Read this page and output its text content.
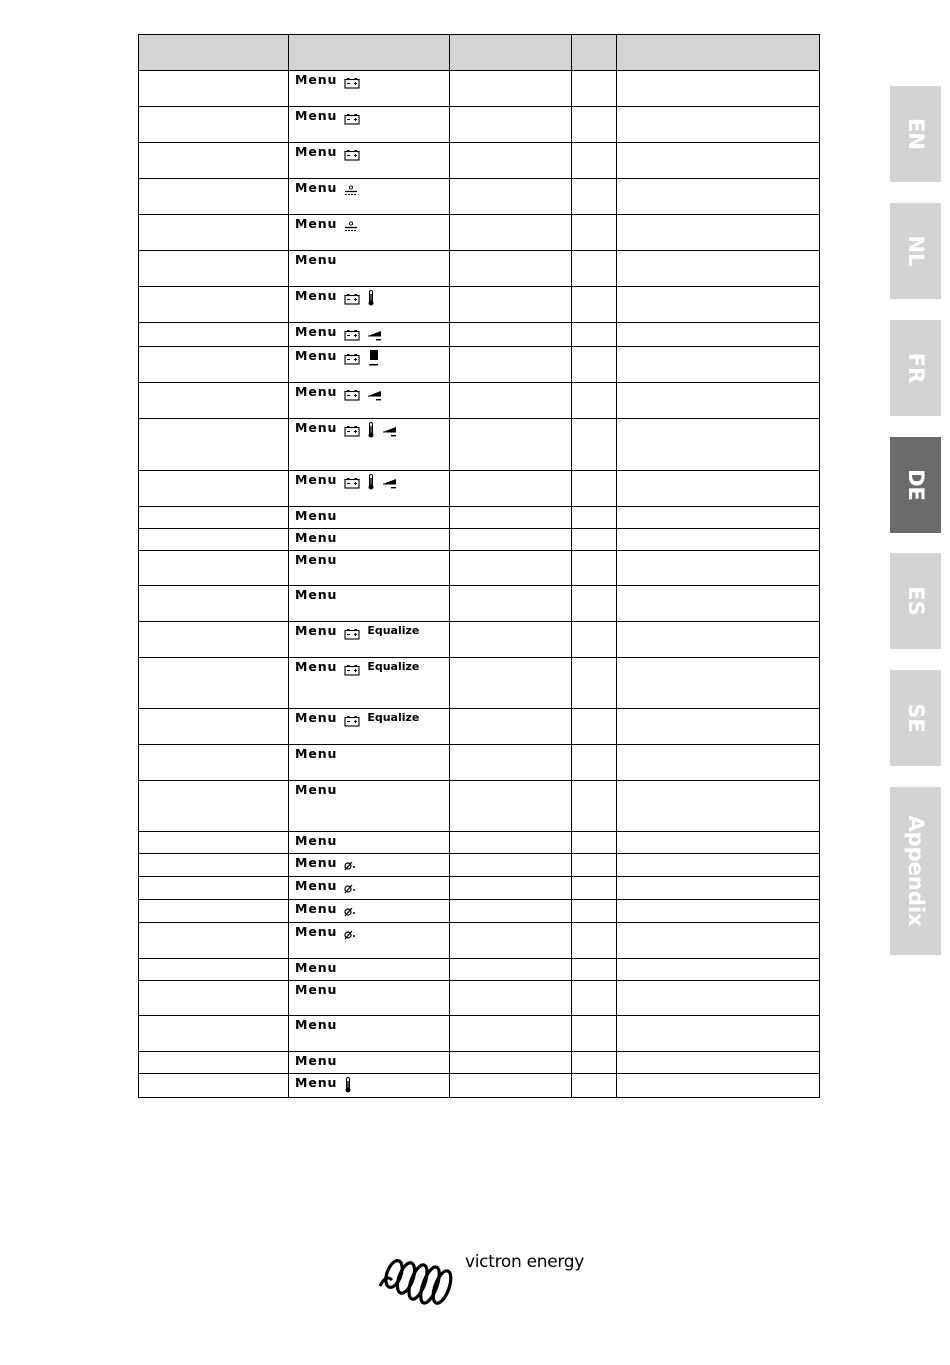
	Menu			
	Menu			
	Menu			
	Menu			
	Menu			
	Menu			
	Menu			
	Menu			
	Menu			
	Menu			
	Menu			
	Menu			
	Menu			
	Menu			
	Menu			
	Menu			
	Menu Equalize			
	Menu Equalize			
	Menu Equalize			
	Menu			
	Menu			
	Menu			
	Menu			
	Menu			
	Menu			
	Menu			
	Menu			
	Menu			
	Menu			
	Menu			
	Menu			
EN
NL
FR
DE
ES
SE
Appendix
victron energy
